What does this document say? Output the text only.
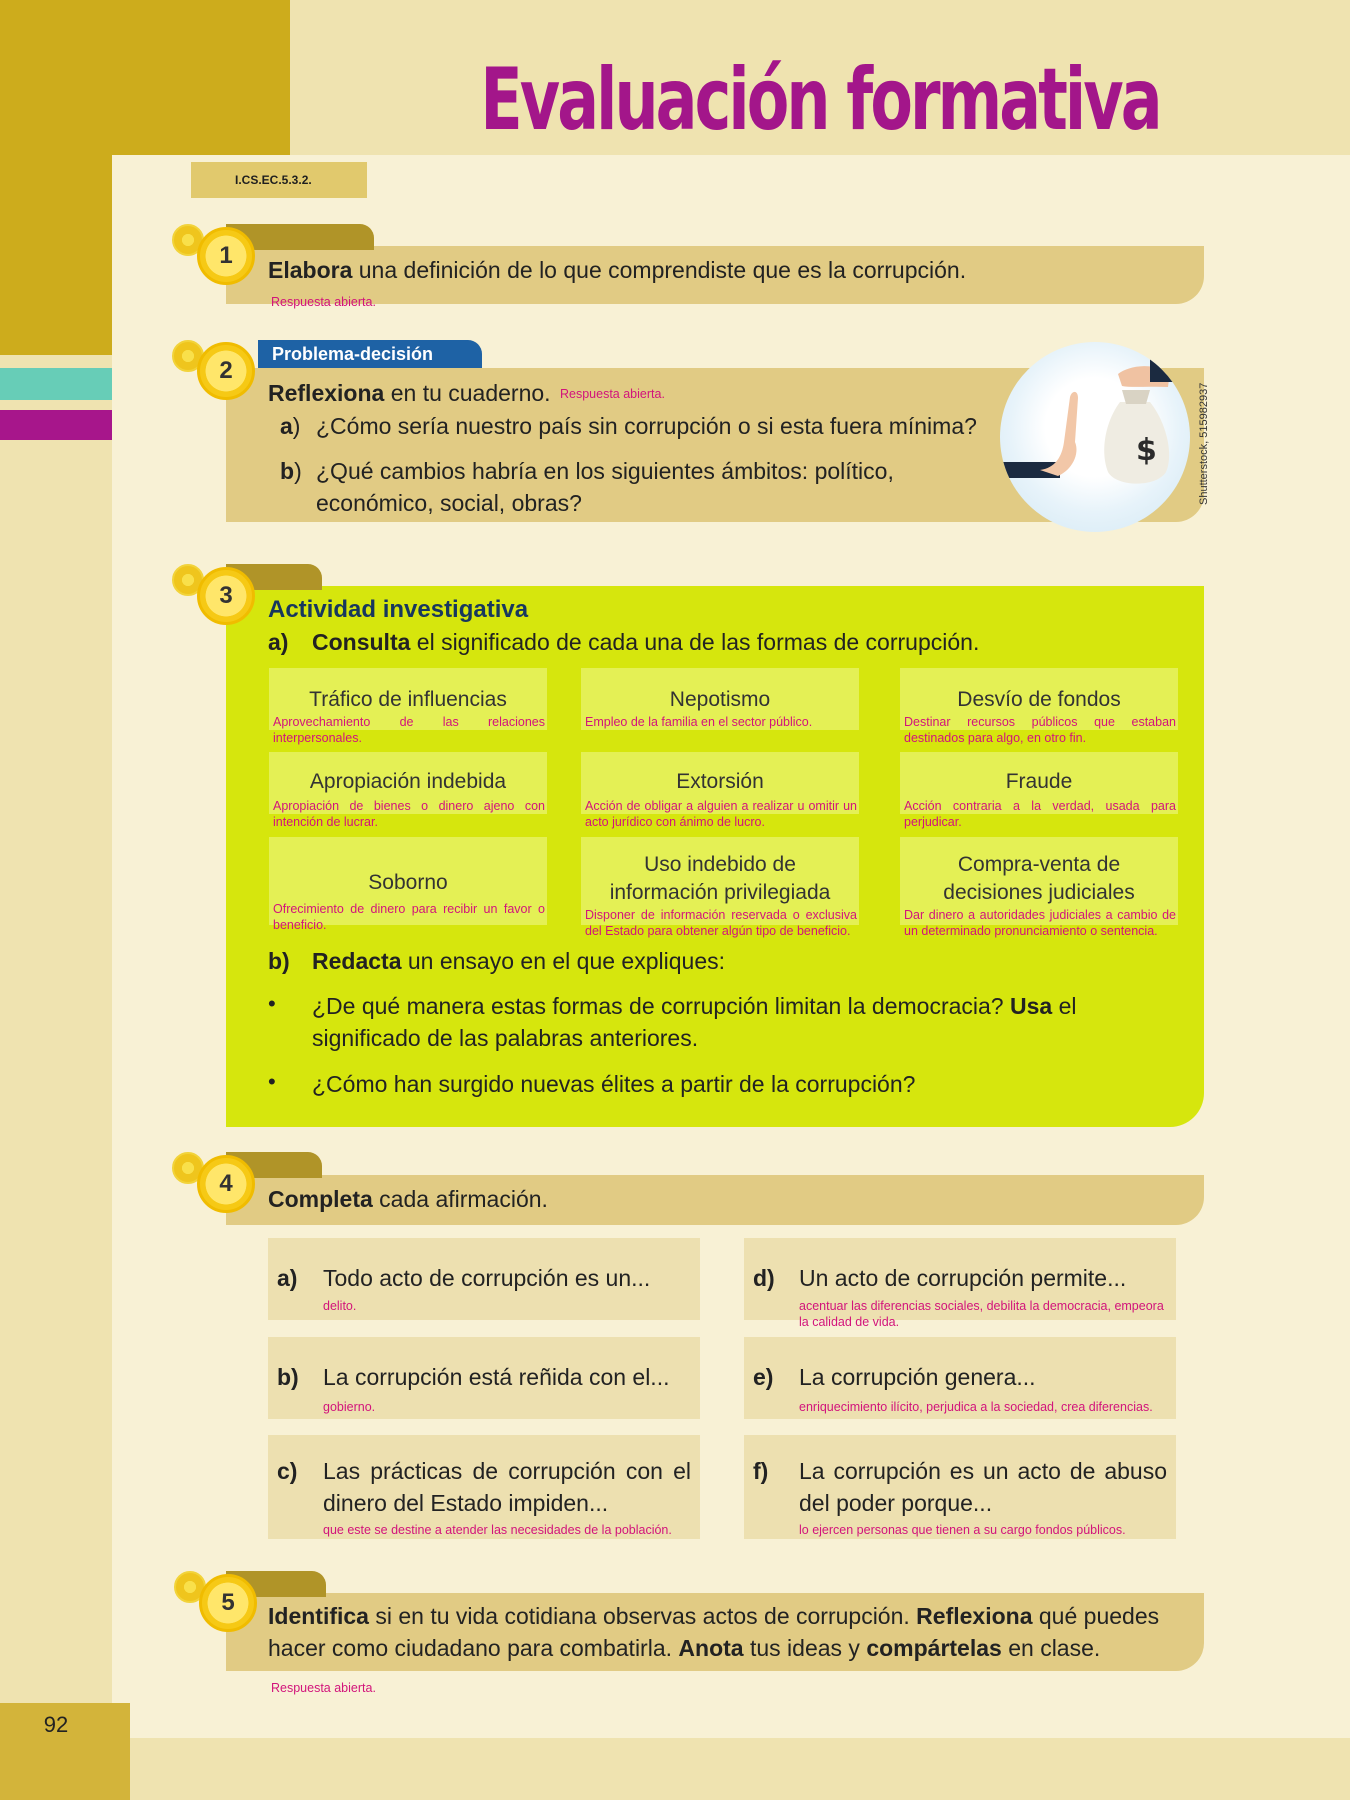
92
Evaluación formativa
I.CS.EC.5.3.2.
1
Elabora una definición de lo que comprendiste que es la corrupción.
Respuesta abierta.
Problema-decisión
2
Reflexiona en tu cuaderno. Respuesta abierta.
a) ¿Cómo sería nuestro país sin corrupción o si esta fuera mínima?
b) ¿Qué cambios habría en los siguientes ámbitos: político, económico, social, obras?
$	Shutterstock, 515982937
3
Actividad investigativa
a) Consulta el significado de cada una de las formas de corrupción.
Tráfico de influencias
Aprovechamiento de las relaciones interpersonales.
Nepotismo
Empleo de la familia en el sector público.
Desvío de fondos
Destinar recursos públicos que estaban destinados para algo, en otro fin.
Apropiación indebida
Apropiación de bienes o dinero ajeno con intención de lucrar.
Extorsión
Acción de obligar a alguien a realizar u omitir un acto jurídico con ánimo de lucro.
Fraude
Acción contraria a la verdad, usada para perjudicar.
Soborno
Ofrecimiento de dinero para recibir un favor o beneficio.
Uso indebido de información privilegiada
Disponer de información reservada o exclusiva del Estado para obtener algún tipo de beneficio.
Compra-venta de decisiones judiciales
Dar dinero a autoridades judiciales a cambio de un determinado pronunciamiento o sentencia.
b) Redacta un ensayo en el que expliques:
• ¿De qué manera estas formas de corrupción limitan la democracia? Usa el significado de las palabras anteriores.
• ¿Cómo han surgido nuevas élites a partir de la corrupción?
4
Completa cada afirmación.
a) Todo acto de corrupción es un...
delito.
b) La corrupción está reñida con el...
gobierno.
c) Las prácticas de corrupción con el dinero del Estado impiden...
que este se destine a atender las necesidades de la población.
d) Un acto de corrupción permite...
acentuar las diferencias sociales, debilita la democracia, empeora la calidad de vida.
e) La corrupción genera...
enriquecimiento ilícito, perjudica a la sociedad, crea diferencias.
f) La corrupción es un acto de abuso del poder porque...
lo ejercen personas que tienen a su cargo fondos públicos.
5	Identifica si en tu vida cotidiana observas actos de corrupción. Reflexiona qué puedes hacer como ciudadano para combatirla. Anota tus ideas y compártelas en clase.
Respuesta abierta.
